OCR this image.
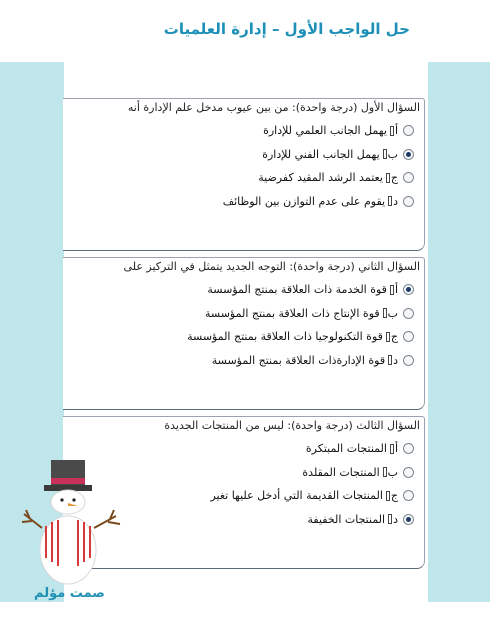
حل الواجب الأول – إدارة العلميات

السؤال الأول (درجة واحدة): من بين عيوب مدخل علم الإدارة أنه

أ
يهمل الجانب العلمي للإدارة
ب
يهمل الجانب الفني للإدارة
ج
يعتمد الرشد المقيد كفرضية
د
يقوم على عدم التوازن بين الوظائف

السؤال الثاني (درجة واحدة): التوجه الجديد يتمثل في التركيز على

أ
قوة الخدمة ذات العلاقة بمنتج المؤسسة
ب
قوة الإنتاج ذات العلاقة بمنتج المؤسسة
ج
قوة التكنولوجيا ذات العلاقة بمنتج المؤسسة
د
قوة الإدارةذات العلاقة بمنتج المؤسسة

السؤال الثالث (درجة واحدة): ليس من المنتجات الجديدة

أ
المنتجات المبتكرة
ب
المنتجات المقلدة
ج
المنتجات القديمة التي أدخل عليها تغير
د
المنتجات الخفيفة

صمت مؤلم
